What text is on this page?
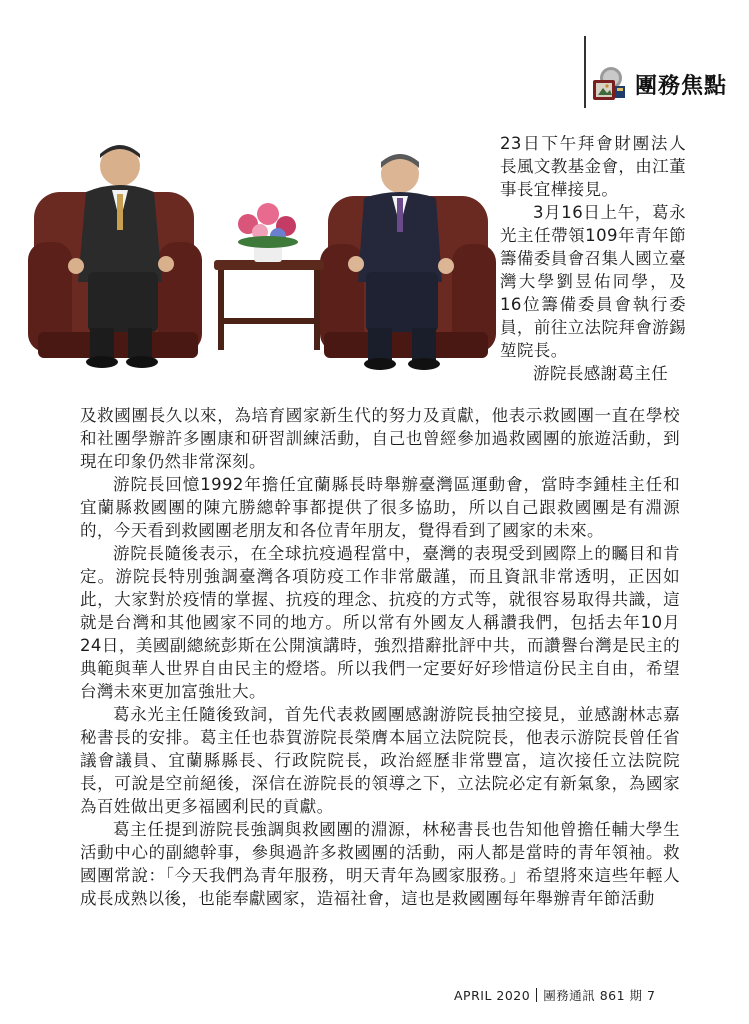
團務焦點

23日下午拜會財團法人長風文教基金會，由江董事長宜樺接見。

3月16日上午，葛永光主任帶領109年青年節籌備委員會召集人國立臺灣大學劉昱佑同學，及16位籌備委員會執行委員，前往立法院拜會游錫堃院長。

游院長感謝葛主任

及救國團長久以來，為培育國家新生代的努力及貢獻，他表示救國團一直在學校和社團學辦許多團康和研習訓練活動，自己也曾經參加過救國團的旅遊活動，到現在印象仍然非常深刻。

游院長回憶1992年擔任宜蘭縣長時舉辦臺灣區運動會，當時李鍾桂主任和宜蘭縣救國團的陳亢勝總幹事都提供了很多協助，所以自己跟救國團是有淵源的，今天看到救國團老朋友和各位青年朋友，覺得看到了國家的未來。

游院長隨後表示，在全球抗疫過程當中，臺灣的表現受到國際上的矚目和肯定。游院長特別強調臺灣各項防疫工作非常嚴謹，而且資訊非常透明，正因如此，大家對於疫情的掌握、抗疫的理念、抗疫的方式等，就很容易取得共識，這就是台灣和其他國家不同的地方。所以常有外國友人稱讚我們，包括去年10月24日，美國副總統彭斯在公開演講時，強烈措辭批評中共，而讚譽台灣是民主的典範與華人世界自由民主的燈塔。所以我們一定要好好珍惜這份民主自由，希望台灣未來更加富強壯大。

葛永光主任隨後致詞，首先代表救國團感謝游院長抽空接見，並感謝林志嘉秘書長的安排。葛主任也恭賀游院長榮膺本屆立法院院長，他表示游院長曾任省議會議員、宜蘭縣縣長、行政院院長，政治經歷非常豐富，這次接任立法院院長，可說是空前絕後，深信在游院長的領導之下，立法院必定有新氣象，為國家為百姓做出更多福國利民的貢獻。

葛主任提到游院長強調與救國團的淵源，林秘書長也告知他曾擔任輔大學生活動中心的副總幹事，參與過許多救國團的活動，兩人都是當時的青年領袖。救國團常說：「今天我們為青年服務，明天青年為國家服務。」希望將來這些年輕人成長成熟以後，也能奉獻國家，造福社會，這也是救國團每年舉辦青年節活動

APRIL 2020 團務通訊 861 期 7
